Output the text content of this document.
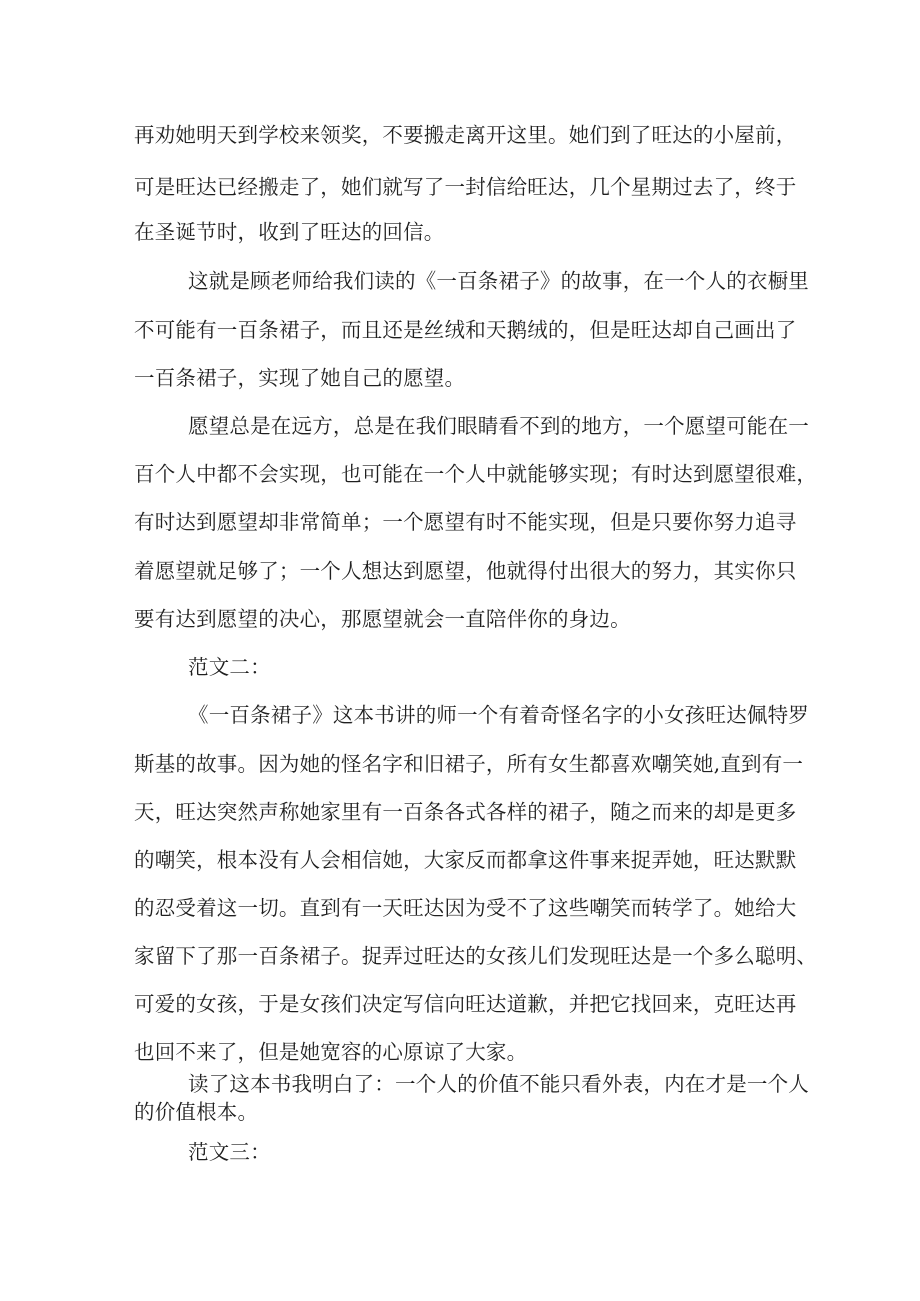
再劝她明天到学校来领奖，不要搬走离开这里。她们到了旺达的小屋前，

可是旺达已经搬走了，她们就写了一封信给旺达，几个星期过去了，终于

在圣诞节时，收到了旺达的回信。

这就是顾老师给我们读的《一百条裙子》的故事，在一个人的衣橱里

不可能有一百条裙子，而且还是丝绒和天鹅绒的，但是旺达却自己画出了

一百条裙子，实现了她自己的愿望。

愿望总是在远方，总是在我们眼睛看不到的地方，一个愿望可能在一

百个人中都不会实现，也可能在一个人中就能够实现；有时达到愿望很难，

有时达到愿望却非常简单；一个愿望有时不能实现，但是只要你努力追寻

着愿望就足够了；一个人想达到愿望，他就得付出很大的努力，其实你只

要有达到愿望的决心，那愿望就会一直陪伴你的身边。

范文二：

《一百条裙子》这本书讲的师一个有着奇怪名字的小女孩旺达佩特罗

斯基的故事。因为她的怪名字和旧裙子，所有女生都喜欢嘲笑她,直到有一

天，旺达突然声称她家里有一百条各式各样的裙子，随之而来的却是更多

的嘲笑，根本没有人会相信她，大家反而都拿这件事来捉弄她，旺达默默

的忍受着这一切。直到有一天旺达因为受不了这些嘲笑而转学了。她给大

家留下了那一百条裙子。捉弄过旺达的女孩儿们发现旺达是一个多么聪明、

可爱的女孩，于是女孩们决定写信向旺达道歉，并把它找回来，克旺达再

也回不来了，但是她宽容的心原谅了大家。

读了这本书我明白了：一个人的价值不能只看外表，内在才是一个人

的价值根本。

范文三：
